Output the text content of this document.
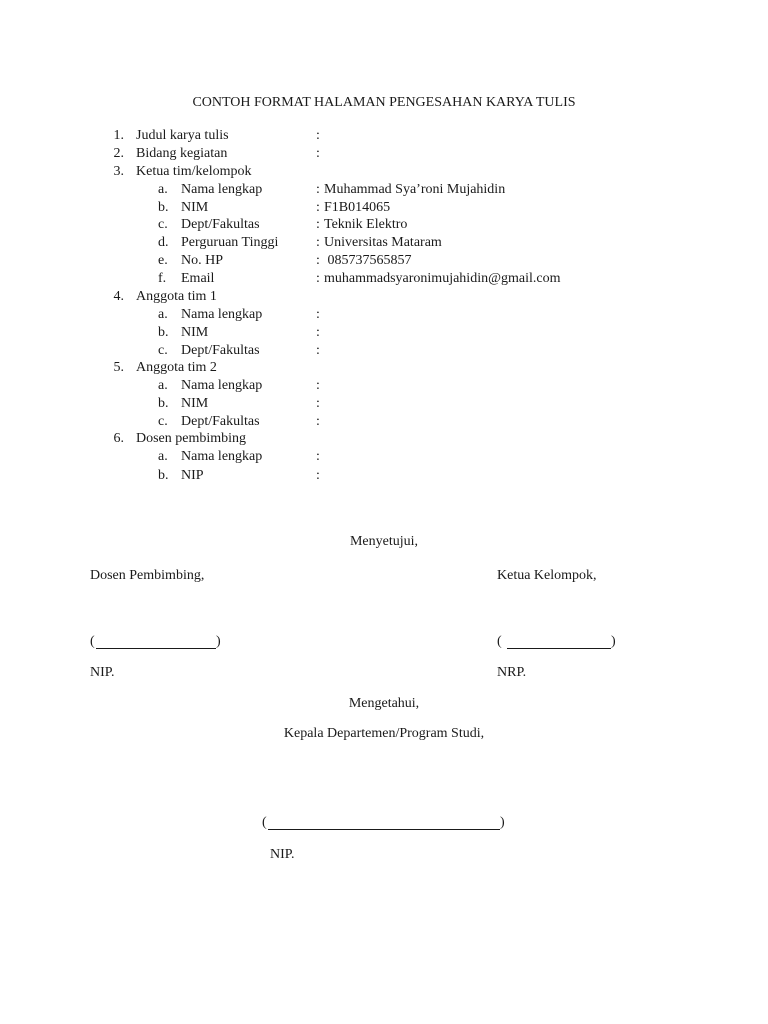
CONTOH FORMAT HALAMAN PENGESAHAN KARYA TULIS
1. Judul karya tulis	:
2. Bidang kegiatan	:
3. Ketua tim/kelompok
a. Nama lengkap	: Muhammad Sya’roni Mujahidin
b. NIM	: F1B014065
c. Dept/Fakultas	: Teknik Elektro
d. Perguruan Tinggi	: Universitas Mataram
e. No. HP	: 085737565857
f. Email	: muhammadsyaronimujahidin@gmail.com
4. Anggota tim 1
a. Nama lengkap	:
b. NIM	:
c. Dept/Fakultas	:
5. Anggota tim 2
a. Nama lengkap	:
b. NIM	:
c. Dept/Fakultas	:
6. Dosen pembimbing
a. Nama lengkap	:
b. NIP	:
Menyetujui,
Dosen Pembimbing,	Ketua Kelompok,
(	)	(	)
NIP.	NRP.
Mengetahui,
Kepala Departemen/Program Studi,
(	)
NIP.
